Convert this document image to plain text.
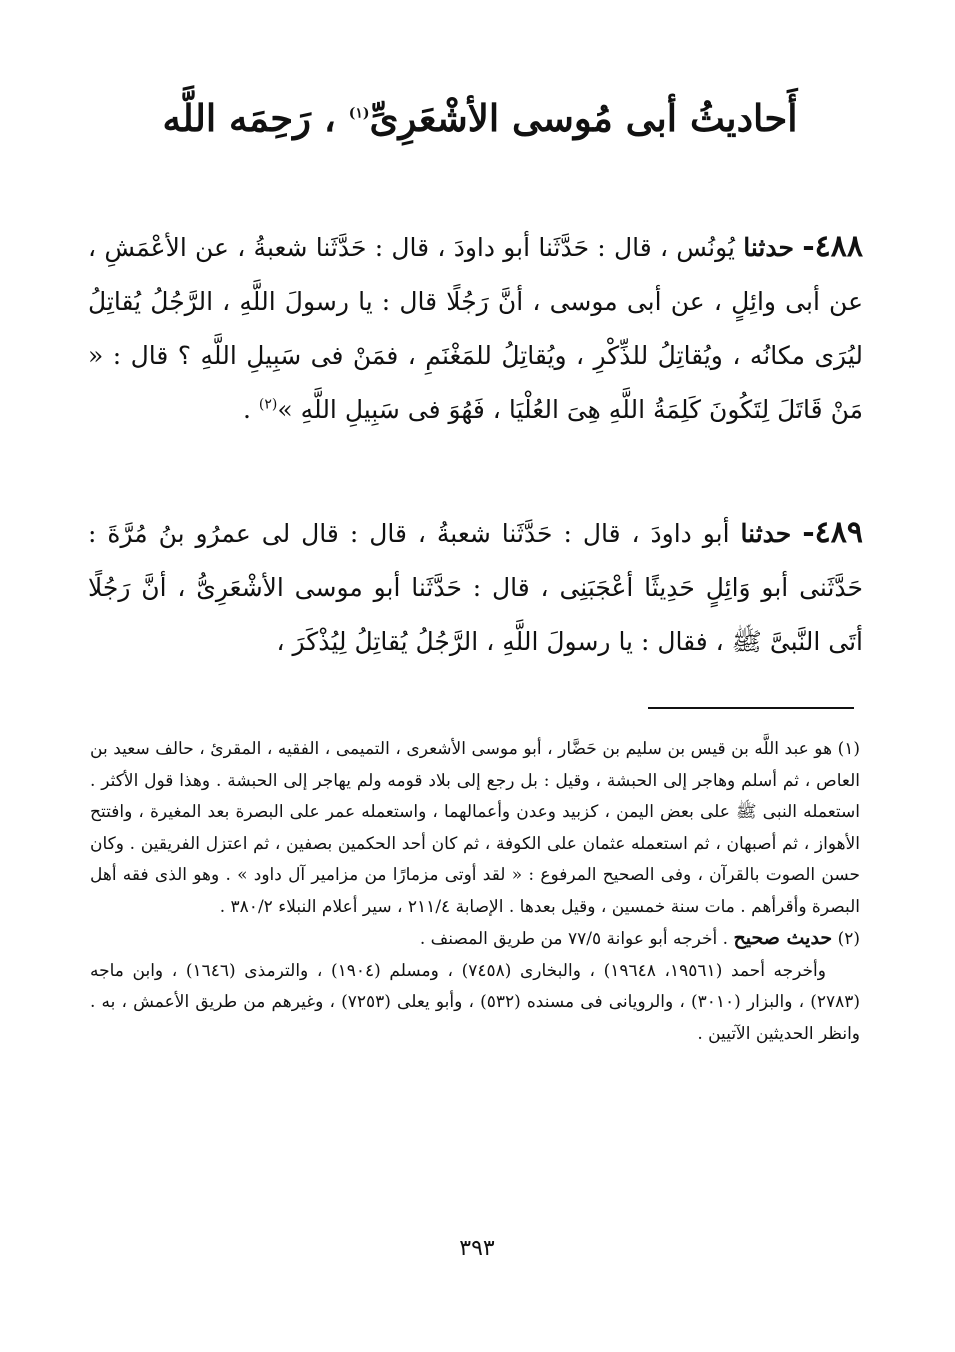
أَحاديثُ أبى مُوسى الأشْعَرِىِّ$^{(١)}$ ، رَحِمَه اللَّه
٤٨٨- حدثنا يُونُس ، قال : حَدَّثَنا أبو داودَ ، قال : حَدَّثَنا شعبةُ ، عن الأعْمَشِ ، عن أبى وائِلٍ ، عن أبى موسى ، أنَّ رَجُلًا قال : يا رسولَ اللَّهِ ، الرَّجُلُ يُقاتِلُ ليُرَى مكانُه ، ويُقاتِلُ للذِّكْرِ ، ويُقاتِلُ للمَغْنَمِ ، فمَنْ فى سَبِيلِ اللَّهِ ؟ قال : « مَنْ قَاتَلَ لِتَكُونَ كَلِمَةُ اللَّهِ هِىَ العُلْيَا ، فَهُوَ فى سَبِيلِ اللَّهِ »$^{(٢)}$ .
٤٨٩- حدثنا أبو داودَ ، قال : حَدَّثَنا شعبةُ ، قال : قال لى عمرُو بنُ مُرَّةَ : حَدَّثَنى أبو وَائِلٍ حَدِيثًا أعْجَبَنِى ، قال : حَدَّثَنا أبو موسى الأشْعَرِىُّ ، أنَّ رَجُلًا أتَى النَّبىَّ ﷺ ، فقال : يا رسولَ اللَّهِ ، الرَّجُلُ يُقاتِلُ لِيُذْكَرَ ،

(١) هو عبد اللَّه بن قيس بن سليم بن حَضَّار ، أبو موسى الأشعرى ، التميمى ، الفقيه ، المقرئ ، حالف سعيد بن العاص ، ثم أسلم وهاجر إلى الحبشة ، وقيل : بل رجع إلى بلاد قومه ولم يهاجر إلى الحبشة . وهذا قول الأكثر . استعمله النبى ﷺ على بعض اليمن ، كزبيد وعدن وأعمالهما ، واستعمله عمر على البصرة بعد المغيرة ، وافتتح الأهواز ، ثم أصبهان ، ثم استعمله عثمان على الكوفة ، ثم كان أحد الحكمين بصفين ، ثم اعتزل الفريقين . وكان حسن الصوت بالقرآن ، وفى الصحيح المرفوع : « لقد أوتى مزمارًا من مزامير آل داود » . وهو الذى فقه أهل البصرة وأقرأهم . مات سنة خمسين ، وقيل بعدها . الإصابة ٢١١/٤ ، سير أعلام النبلاء ٣٨٠/٢ .

(٢) حديث صحيح . أخرجه أبو عوانة ٧٧/٥ من طريق المصنف .

وأخرجه أحمد (١٩٥٦١، ١٩٦٤٨) ، والبخارى (٧٤٥٨) ، ومسلم (١٩٠٤) ، والترمذى (١٦٤٦) ، وابن ماجه (٢٧٨٣) ، والبزار (٣٠١٠) ، والرويانى فى مسنده (٥٣٢) ، وأبو يعلى (٧٢٥٣) ، وغيرهم من طريق الأعمش ، به . وانظر الحديثين الآتيين .

٣٩٣
